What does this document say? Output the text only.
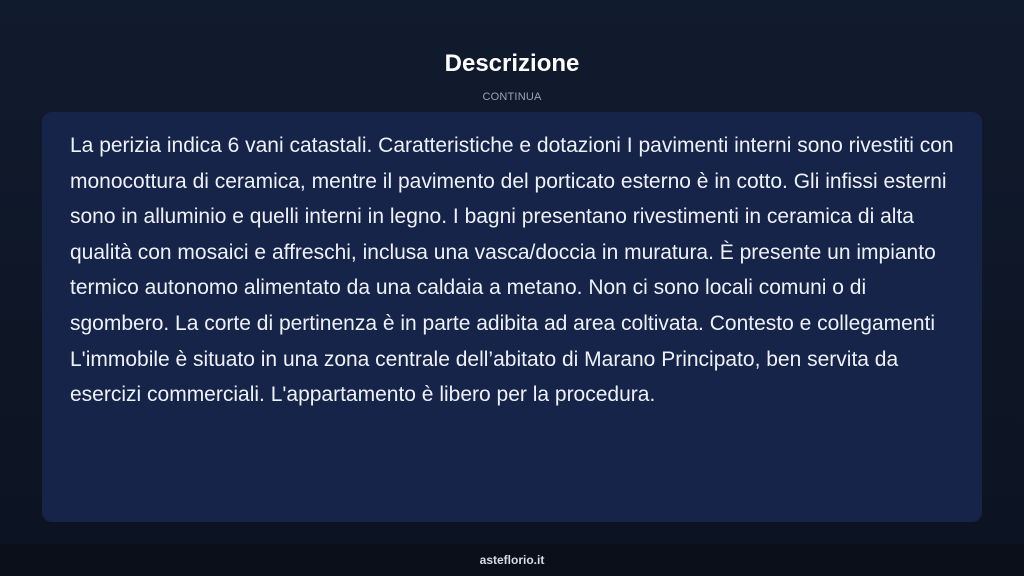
Descrizione
CONTINUA

La perizia indica 6 vani catastali. Caratteristiche e dotazioni I pavimenti interni sono rivestiti con monocottura di ceramica, mentre il pavimento del porticato esterno è in cotto. Gli infissi esterni sono in alluminio e quelli interni in legno. I bagni presentano rivestimenti in ceramica di alta qualità con mosaici e affreschi, inclusa una vasca/doccia in muratura. È presente un impianto termico autonomo alimentato da una caldaia a metano. Non ci sono locali comuni o di sgombero. La corte di pertinenza è in parte adibita ad area coltivata. Contesto e collegamenti L'immobile è situato in una zona centrale dell’abitato di Marano Principato, ben servita da esercizi commerciali. L'appartamento è libero per la procedura.

asteflorio.it
